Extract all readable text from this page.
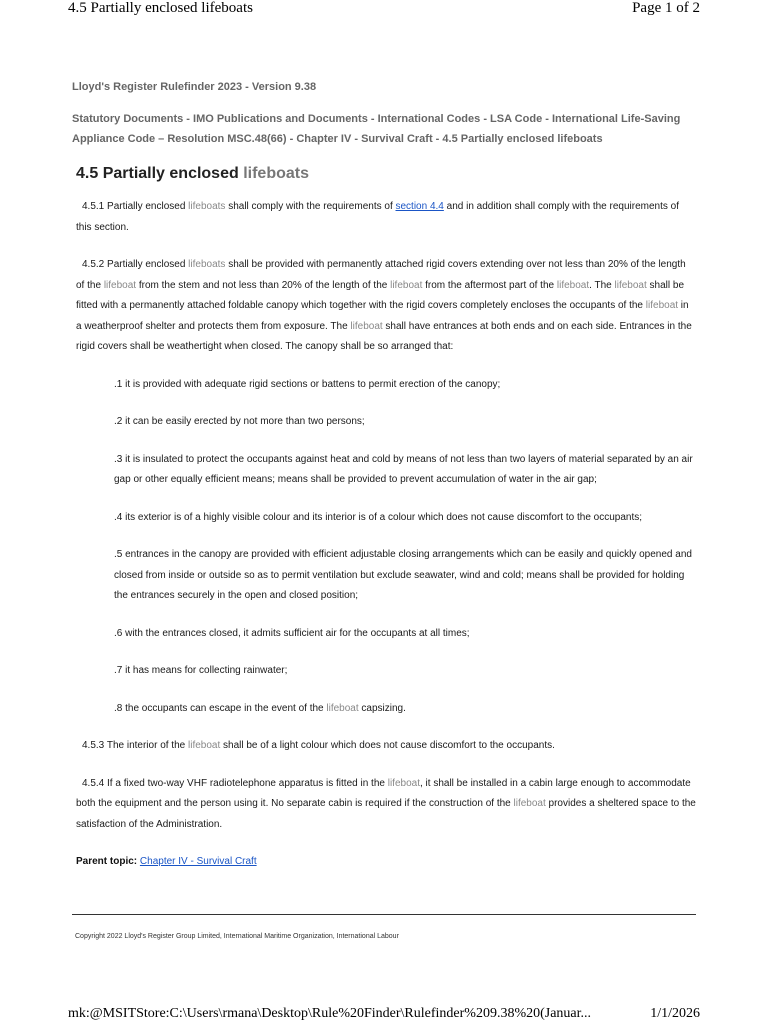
4.5 Partially enclosed lifeboats	Page 1 of 2
Lloyd's Register Rulefinder 2023 - Version 9.38
Statutory Documents - IMO Publications and Documents - International Codes - LSA Code - International Life-Saving Appliance Code – Resolution MSC.48(66) - Chapter IV - Survival Craft - 4.5 Partially enclosed lifeboats
4.5 Partially enclosed lifeboats

4.5.1 Partially enclosed lifeboats shall comply with the requirements of section 4.4 and in addition shall comply with the requirements of this section.

4.5.2 Partially enclosed lifeboats shall be provided with permanently attached rigid covers extending over not less than 20% of the length of the lifeboat from the stem and not less than 20% of the length of the lifeboat from the aftermost part of the lifeboat. The lifeboat shall be fitted with a permanently attached foldable canopy which together with the rigid covers completely encloses the occupants of the lifeboat in a weatherproof shelter and protects them from exposure. The lifeboat shall have entrances at both ends and on each side. Entrances in the rigid covers shall be weathertight when closed. The canopy shall be so arranged that:

.1 it is provided with adequate rigid sections or battens to permit erection of the canopy;

.2 it can be easily erected by not more than two persons;

.3 it is insulated to protect the occupants against heat and cold by means of not less than two layers of material separated by an air gap or other equally efficient means; means shall be provided to prevent accumulation of water in the air gap;

.4 its exterior is of a highly visible colour and its interior is of a colour which does not cause discomfort to the occupants;

.5 entrances in the canopy are provided with efficient adjustable closing arrangements which can be easily and quickly opened and closed from inside or outside so as to permit ventilation but exclude seawater, wind and cold; means shall be provided for holding the entrances securely in the open and closed position;

.6 with the entrances closed, it admits sufficient air for the occupants at all times;

.7 it has means for collecting rainwater;

.8 the occupants can escape in the event of the lifeboat capsizing.

4.5.3 The interior of the lifeboat shall be of a light colour which does not cause discomfort to the occupants.

4.5.4 If a fixed two-way VHF radiotelephone apparatus is fitted in the lifeboat, it shall be installed in a cabin large enough to accommodate both the equipment and the person using it. No separate cabin is required if the construction of the lifeboat provides a sheltered space to the satisfaction of the Administration.

Parent topic: Chapter IV - Survival Craft

Copyright 2022 Lloyd's Register Group Limited, International Maritime Organization, International Labour
mk:@MSITStore:C:\Users\rmana\Desktop\Rule%20Finder\Rulefinder%209.38%20(Januar...	1/1/2026
